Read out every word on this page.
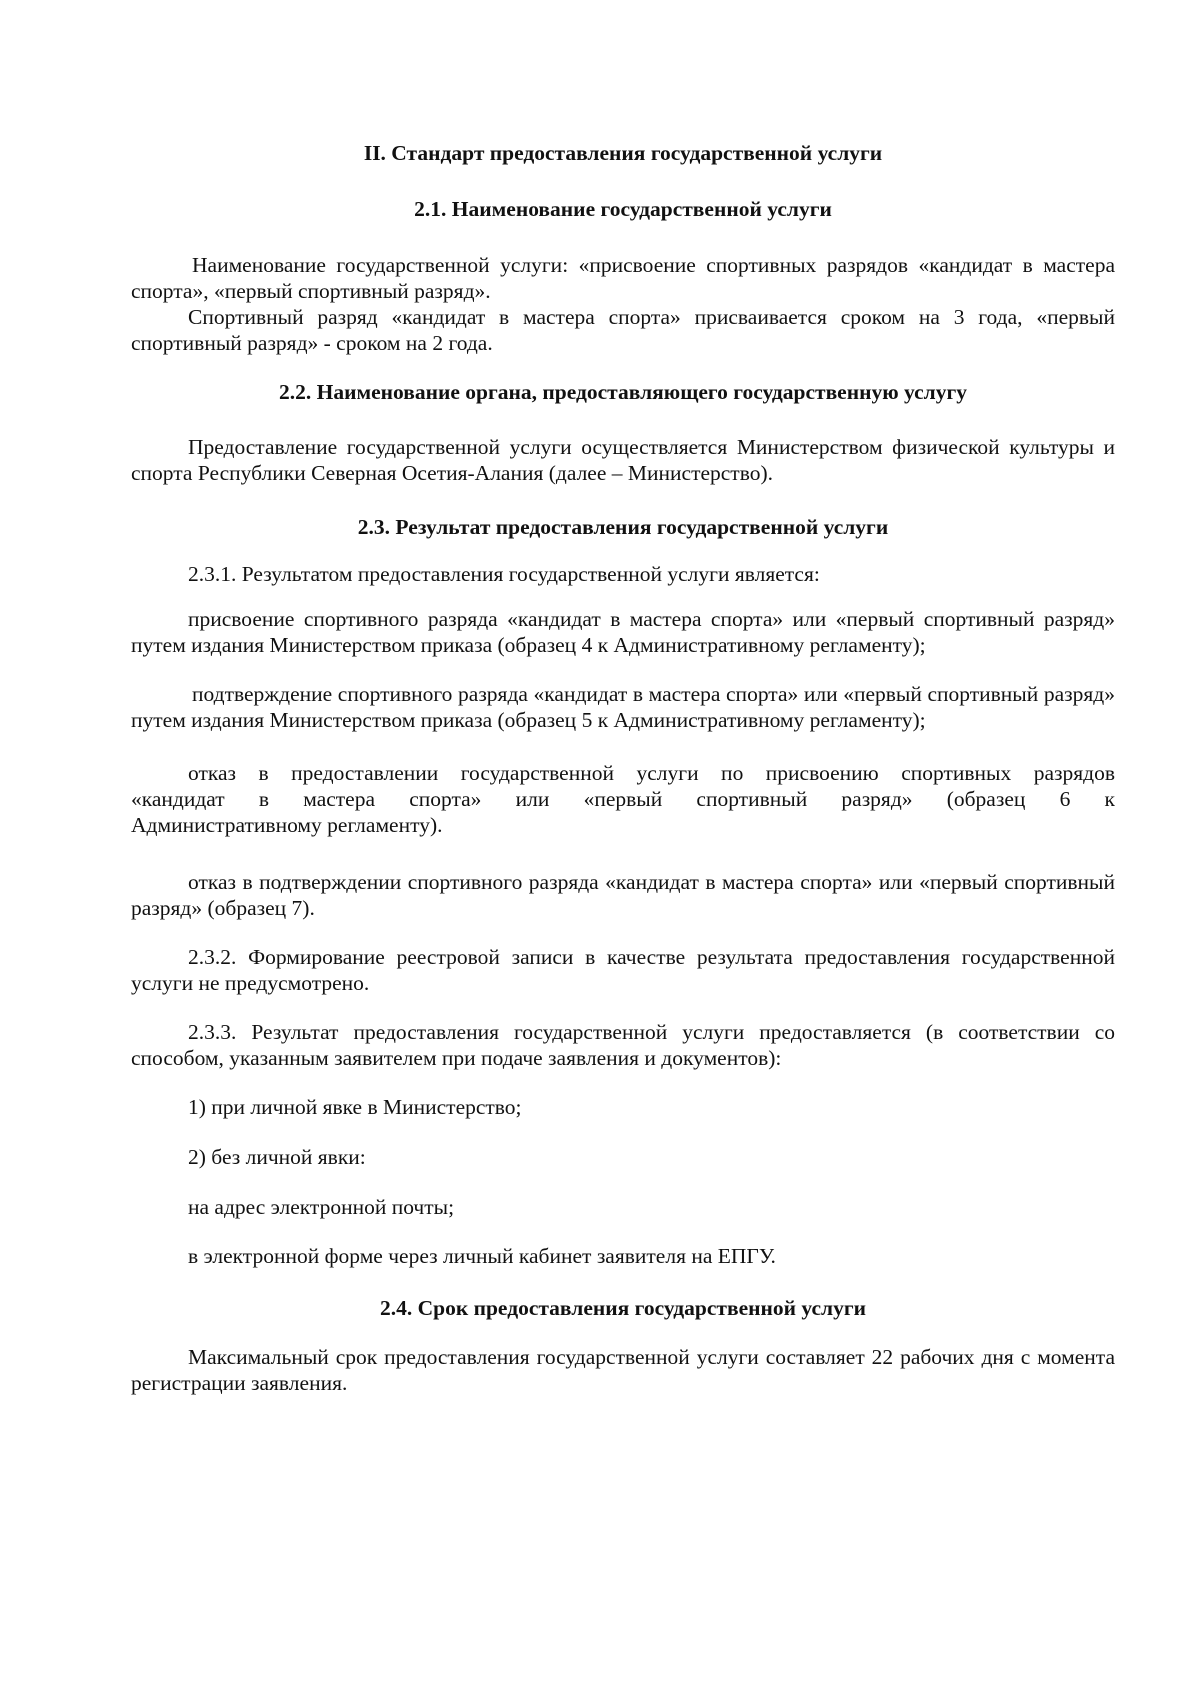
II. Стандарт предоставления государственной услуги

2.1. Наименование государственной услуги

Наименование государственной услуги: «присвоение спортивных разрядов «кандидат в мастера спорта», «первый спортивный разряд».

Спортивный разряд «кандидат в мастера спорта» присваивается сроком на 3 года, «первый спортивный разряд» - сроком на 2 года.

2.2. Наименование органа, предоставляющего государственную услугу

Предоставление государственной услуги осуществляется Министерством физической культуры и спорта Республики Северная Осетия-Алания (далее – Министерство).

2.3. Результат предоставления государственной услуги

2.3.1. Результатом предоставления государственной услуги является:

присвоение спортивного разряда «кандидат в мастера спорта» или «первый спортивный разряд» путем издания Министерством приказа (образец 4 к Административному регламенту);

подтверждение спортивного разряда «кандидат в мастера спорта» или «первый спортивный разряд» путем издания Министерством приказа (образец 5 к Административному регламенту);

отказ в предоставлении государственной услуги по присвоению спортивных разрядов

«кандидат в мастера спорта» или «первый спортивный разряд» (образец 6 к

Административному регламенту).

отказ в подтверждении спортивного разряда «кандидат в мастера спорта» или «первый спортивный разряд» (образец 7).

2.3.2. Формирование реестровой записи в качестве результата предоставления государственной услуги не предусмотрено.

2.3.3. Результат предоставления государственной услуги предоставляется (в соответствии со способом, указанным заявителем при подаче заявления и документов):

1) при личной явке в Министерство;

2) без личной явки:

на адрес электронной почты;

в электронной форме через личный кабинет заявителя на ЕПГУ.

2.4. Срок предоставления государственной услуги

Максимальный срок предоставления государственной услуги составляет 22 рабочих дня с момента регистрации заявления.
